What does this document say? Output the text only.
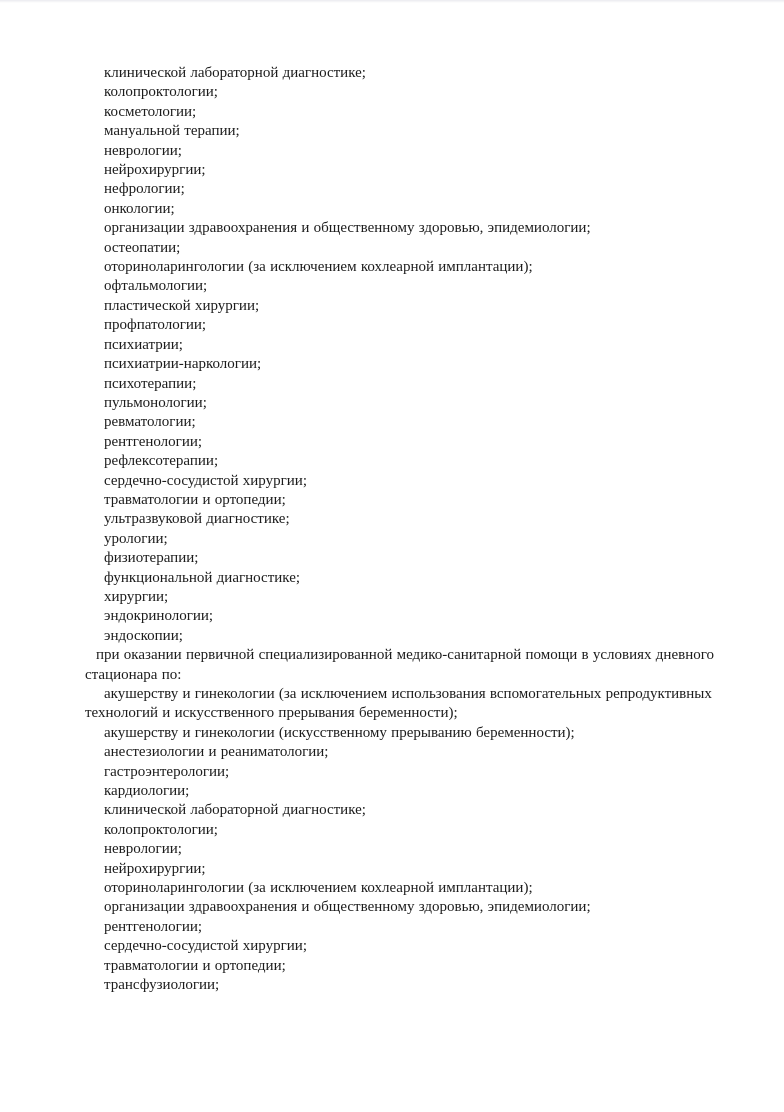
клинической лабораторной диагностике;

колопроктологии;

косметологии;

мануальной терапии;

неврологии;

нейрохирургии;

нефрологии;

онкологии;

организации здравоохранения и общественному здоровью, эпидемиологии;

остеопатии;

оториноларингологии (за исключением кохлеарной имплантации);

офтальмологии;

пластической хирургии;

профпатологии;

психиатрии;

психиатрии-наркологии;

психотерапии;

пульмонологии;

ревматологии;

рентгенологии;

рефлексотерапии;

сердечно-сосудистой хирургии;

травматологии и ортопедии;

ультразвуковой диагностике;

урологии;

физиотерапии;

функциональной диагностике;

хирургии;

эндокринологии;

эндоскопии;

при оказании первичной специализированной медико-санитарной помощи в условиях дневного стационара по:

акушерству и гинекологии (за исключением использования вспомогательных репродуктивных технологий и искусственного прерывания беременности);

акушерству и гинекологии (искусственному прерыванию беременности);

анестезиологии и реаниматологии;

гастроэнтерологии;

кардиологии;

клинической лабораторной диагностике;

колопроктологии;

неврологии;

нейрохирургии;

оториноларингологии (за исключением кохлеарной имплантации);

организации здравоохранения и общественному здоровью, эпидемиологии;

рентгенологии;

сердечно-сосудистой хирургии;

травматологии и ортопедии;

трансфузиологии;
